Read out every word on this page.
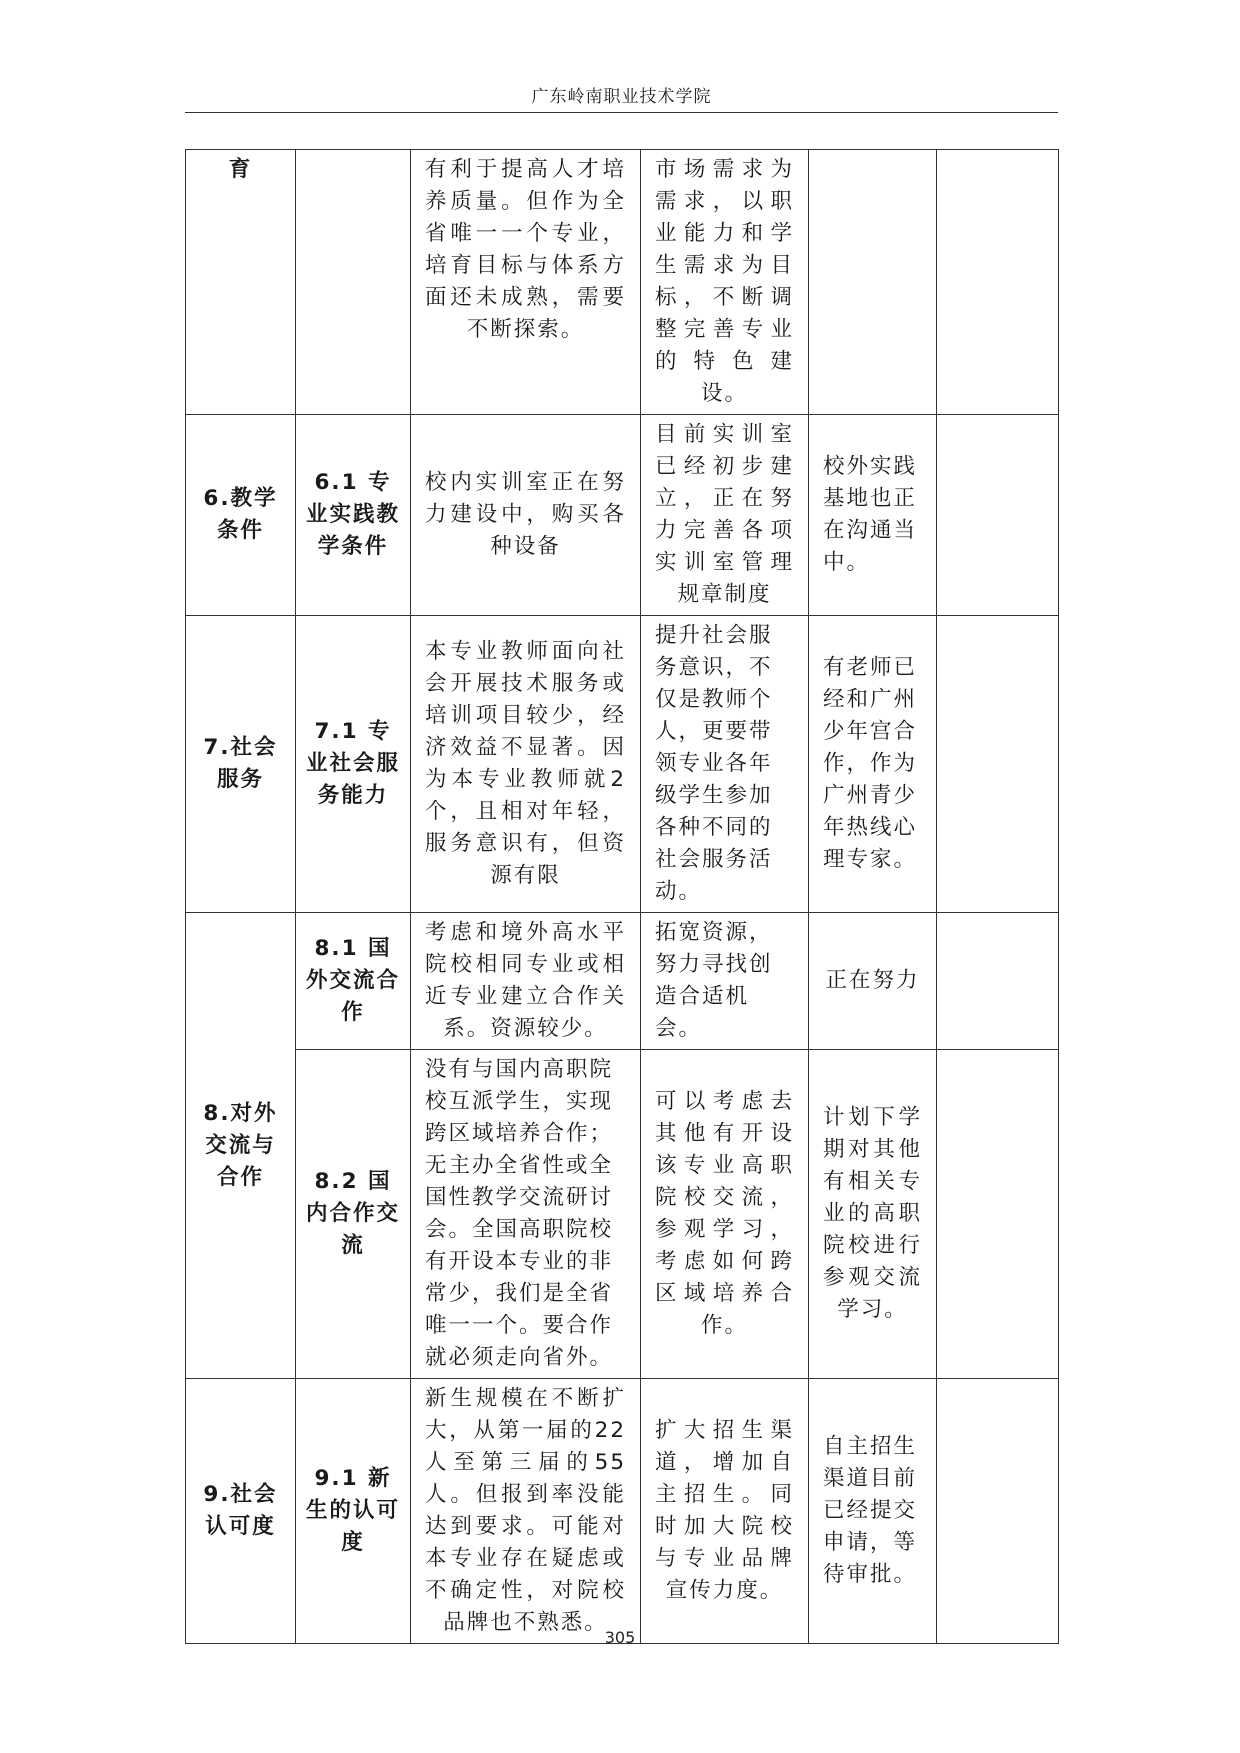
广东岭南职业技术学院
育		有利于提高人才培养质量。但作为全省唯一一个专业，培育目标与体系方面还未成熟，需要不断探索。	市场需求为需求，以职业能力和学生需求为目标，不断调整完善专业的特色建设。		
6.教学条件	6.1 专业实践教学条件	校内实训室正在努力建设中，购买各种设备	目前实训室已经初步建立，正在努力完善各项实训室管理规章制度	校外实践基地也正在沟通当中。	
7.社会服务	7.1 专业社会服务能力	本专业教师面向社会开展技术服务或培训项目较少，经济效益不显著。因为本专业教师就2个，且相对年轻，服务意识有，但资源有限	提升社会服务意识，不仅是教师个人，更要带领专业各年级学生参加各种不同的社会服务活动。	有老师已经和广州少年宫合作，作为广州青少年热线心理专家。	
8.对外交流与合作	8.1 国外交流合作	考虑和境外高水平院校相同专业或相近专业建立合作关系。资源较少。	拓宽资源，努力寻找创造合适机会。	正在努力	
	8.2 国内合作交流	没有与国内高职院校互派学生，实现跨区域培养合作；无主办全省性或全国性教学交流研讨会。全国高职院校有开设本专业的非常少，我们是全省唯一一个。要合作就必须走向省外。	可以考虑去其他有开设该专业高职院校交流，参观学习，考虑如何跨区域培养合作。	计划下学期对其他有相关专业的高职院校进行参观交流学习。	
9.社会认可度	9.1 新生的认可度	新生规模在不断扩大，从第一届的22人至第三届的55人。但报到率没能达到要求。可能对本专业存在疑虑或不确定性，对院校品牌也不熟悉。	扩大招生渠道，增加自主招生。同时加大院校与专业品牌宣传力度。	自主招生渠道目前已经提交申请，等待审批。	
305
